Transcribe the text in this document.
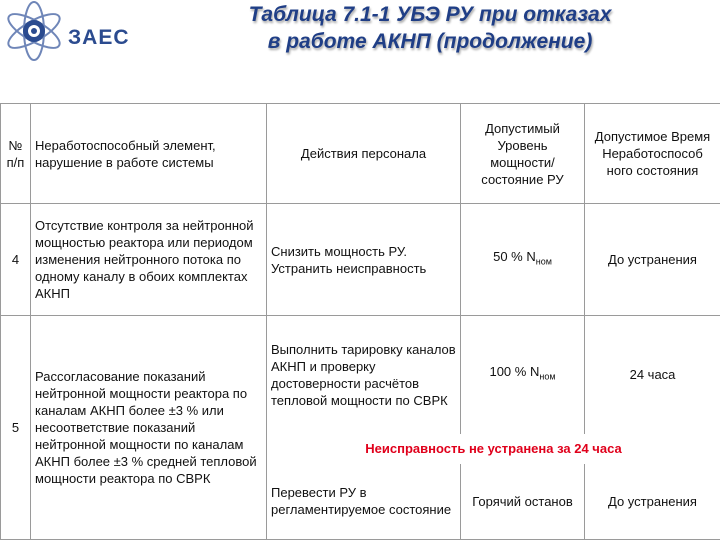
ЗАЕС
Таблица 7.1-1 УБЭ РУ при отказах
в работе АКНП (продолжение)
№ п/п	Неработоспособный элемент, нарушение в работе системы	Действия персонала	Допустимый Уровень мощности/ состояние РУ	Допустимое Время Неработоспособ ного состояния
4	Отсутствие контроля за нейтронной мощностью реактора или периодом изменения нейтронного потока по одному каналу в обоих комплектах АКНП	Снизить мощность РУ. Устранить неисправность	50 % $N_{ном}$	До устранения
5	Рассогласование показаний нейтронной мощности реактора по каналам АКНП более ±3 % или несоответствие показаний нейтронной мощности по каналам АКНП более ±3 % средней тепловой мощности реактора по СВРК	Выполнить тарировку каналов АКНП и проверку достоверности расчётов тепловой мощности по СВРК	100 % $N_{ном}$	24 часа
		Неисправность не устранена за 24 часа		
		Перевести РУ в регламентируемое состояние	Горячий останов	До устранения
